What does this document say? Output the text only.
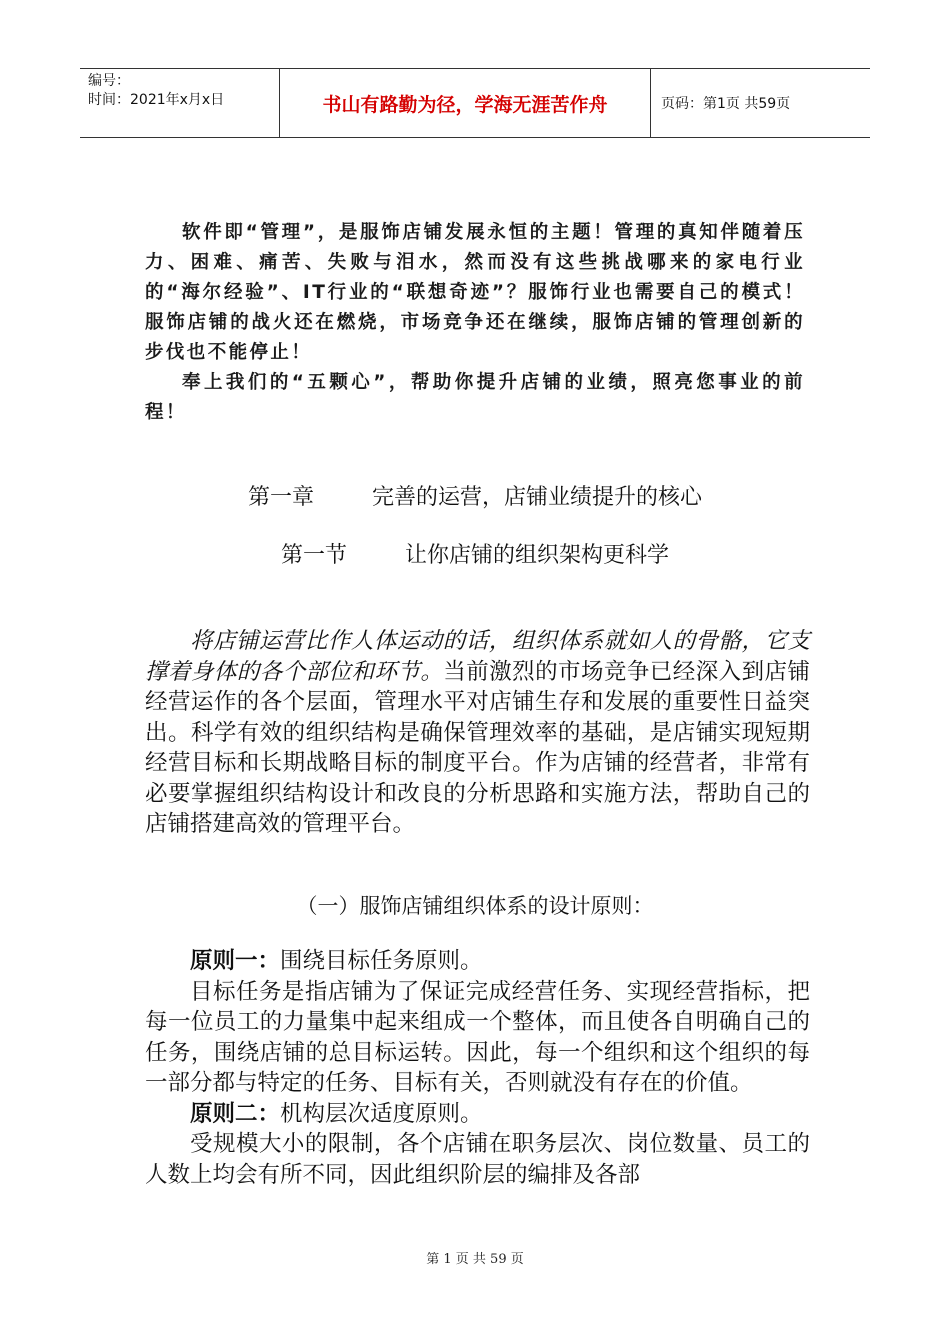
编号：
时间：2021年x月x日	书山有路勤为径，学海无涯苦作舟	页码：第1页 共59页

软件即“管理”，是服饰店铺发展永恒的主题！管理的真知伴随着压力、困难、痛苦、失败与泪水，然而没有这些挑战哪来的家电行业的“海尔经验”、IT行业的“联想奇迹”？服饰行业也需要自己的模式！服饰店铺的战火还在燃烧，市场竞争还在继续，服饰店铺的管理创新的步伐也不能停止！

奉上我们的“五颗心”，帮助你提升店铺的业绩，照亮您事业的前程！

第一章	完善的运营，店铺业绩提升的核心
第一节	让你店铺的组织架构更科学

将店铺运营比作人体运动的话，组织体系就如人的骨骼，它支撑着身体的各个部位和环节。当前激烈的市场竞争已经深入到店铺经营运作的各个层面，管理水平对店铺生存和发展的重要性日益突出。科学有效的组织结构是确保管理效率的基础，是店铺实现短期经营目标和长期战略目标的制度平台。作为店铺的经营者，非常有必要掌握组织结构设计和改良的分析思路和实施方法，帮助自己的店铺搭建高效的管理平台。

（一）服饰店铺组织体系的设计原则：

原则一：围绕目标任务原则。

目标任务是指店铺为了保证完成经营任务、实现经营指标，把每一位员工的力量集中起来组成一个整体，而且使各自明确自己的任务，围绕店铺的总目标运转。因此，每一个组织和这个组织的每一部分都与特定的任务、目标有关，否则就没有存在的价值。

原则二：机构层次适度原则。

受规模大小的限制，各个店铺在职务层次、岗位数量、员工的人数上均会有所不同，因此组织阶层的编排及各部

第 1 页 共 59 页
